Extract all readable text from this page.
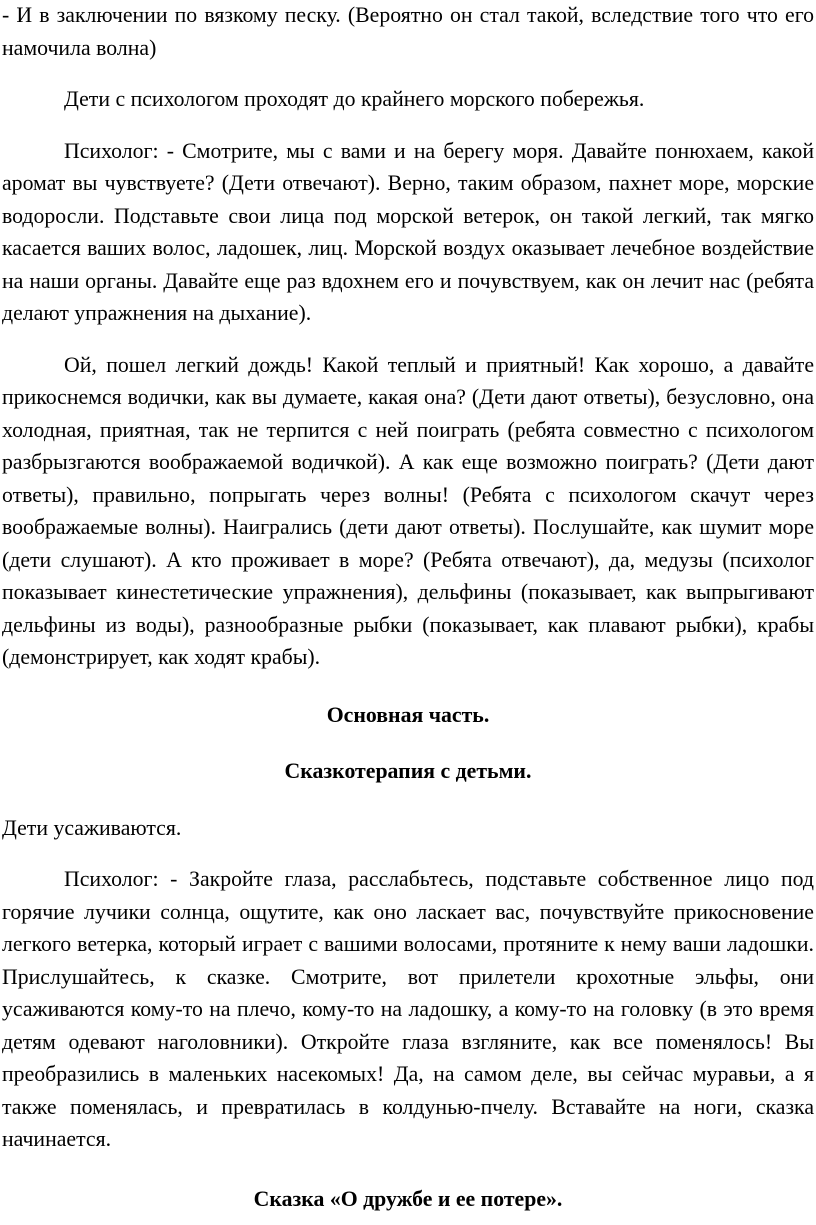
- И в заключении по вязкому песку. (Вероятно он стал такой, вследствие того что его намочила волна)

Дети с психологом проходят до крайнего морского побережья.

Психолог: - Смотрите, мы с вами и на берегу моря. Давайте понюхаем, какой аромат вы чувствуете? (Дети отвечают). Верно, таким образом, пахнет море, морские водоросли. Подставьте свои лица под морской ветерок, он такой легкий, так мягко касается ваших волос, ладошек, лиц. Морской воздух оказывает лечебное воздействие на наши органы. Давайте еще раз вдохнем его и почувствуем, как он лечит нас (ребята делают упражнения на дыхание).

Ой, пошел легкий дождь! Какой теплый и приятный! Как хорошо, а давайте прикоснемся водички, как вы думаете, какая она? (Дети дают ответы), безусловно, она холодная, приятная, так не терпится с ней поиграть (ребята совместно с психологом разбрызгаются воображаемой водичкой). А как еще возможно поиграть? (Дети дают ответы), правильно, попрыгать через волны! (Ребята с психологом скачут через воображаемые волны). Наигрались (дети дают ответы). Послушайте, как шумит море (дети слушают). А кто проживает в море? (Ребята отвечают), да, медузы (психолог показывает кинестетические упражнения), дельфины (показывает, как выпрыгивают дельфины из воды), разнообразные рыбки (показывает, как плавают рыбки), крабы (демонстрирует, как ходят крабы).

Основная часть.

Сказкотерапия с детьми.

Дети усаживаются.

Психолог: - Закройте глаза, расслабьтесь, подставьте собственное лицо под горячие лучики солнца, ощутите, как оно ласкает вас, почувствуйте прикосновение легкого ветерка, который играет с вашими волосами, протяните к нему ваши ладошки. Прислушайтесь, к сказке. Смотрите, вот прилетели крохотные эльфы, они усаживаются кому-то на плечо, кому-то на ладошку, а кому-то на головку (в это время детям одевают наголовники). Откройте глаза взгляните, как все поменялось! Вы преобразились в маленьких насекомых! Да, на самом деле, вы сейчас муравьи, а я также поменялась, и превратилась в колдунью-пчелу. Вставайте на ноги, сказка начинается.

Сказка «О дружбе и ее потере».
